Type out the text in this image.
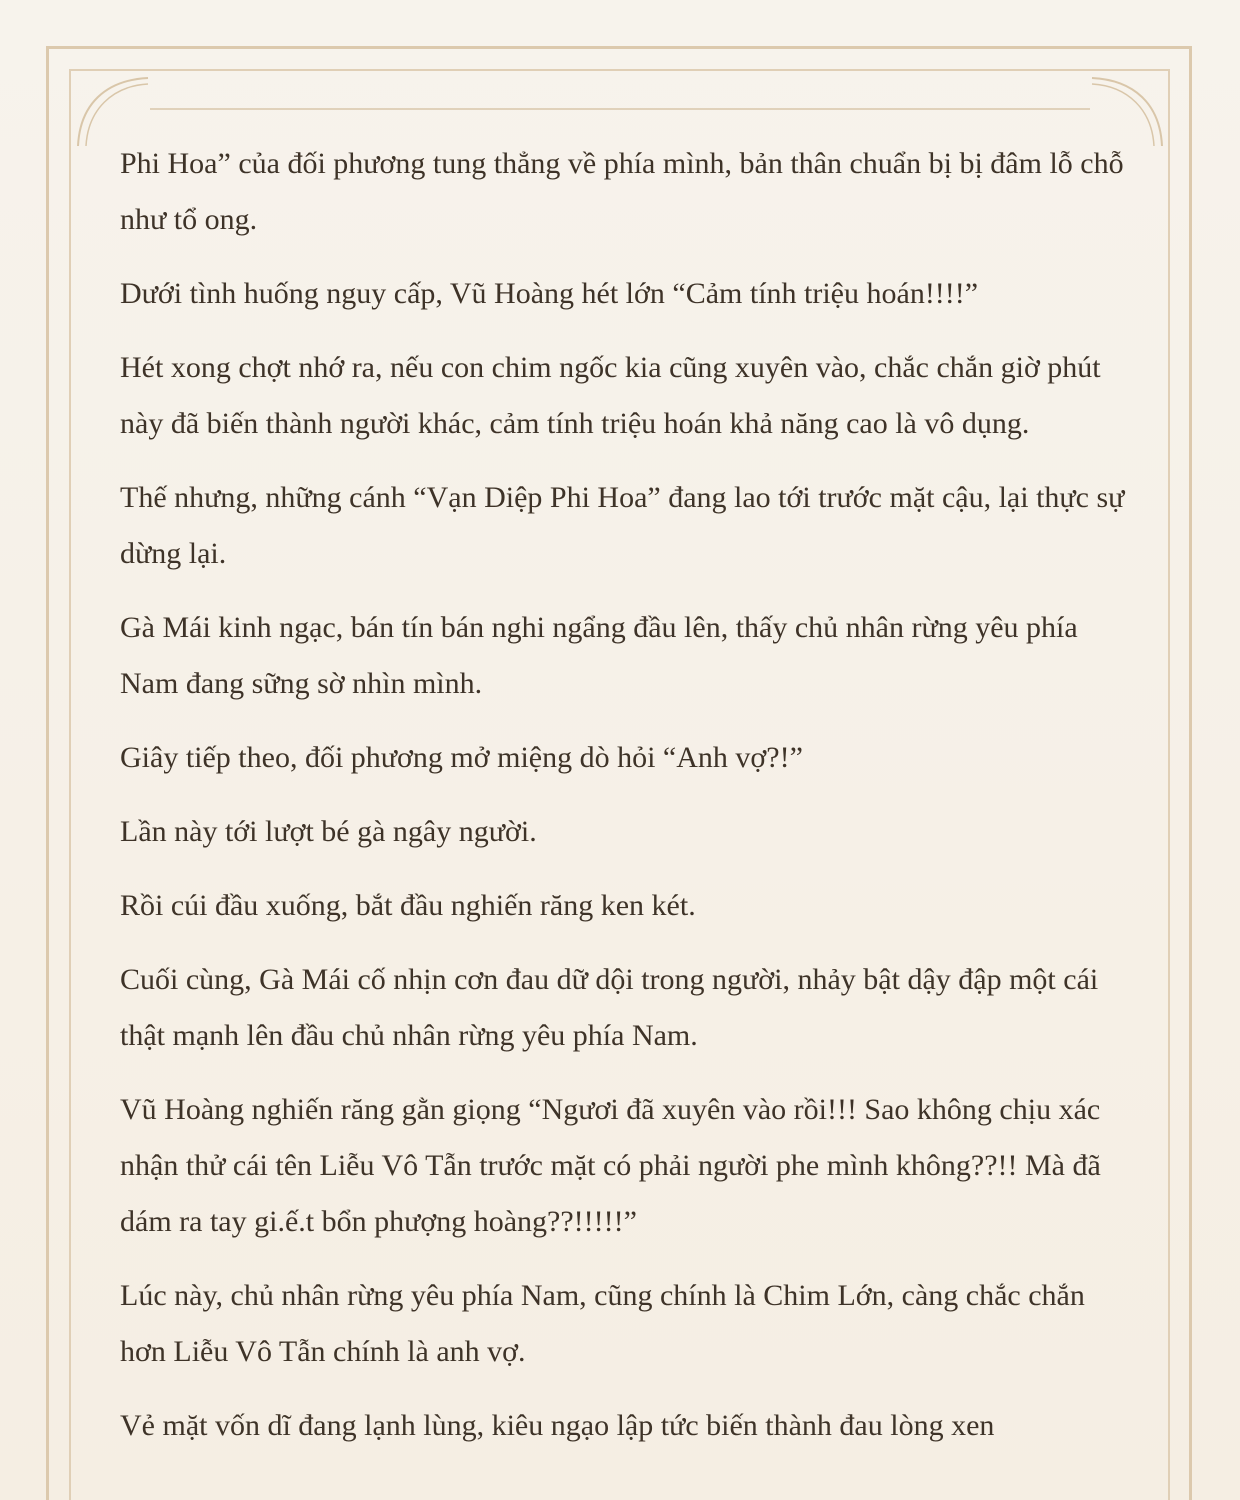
Phi Hoa” của đối phương tung thẳng về phía mình, bản thân chuẩn bị bị đâm lỗ chỗ như tổ ong.

Dưới tình huống nguy cấp, Vũ Hoàng hét lớn “Cảm tính triệu hoán!!!!”

Hét xong chợt nhớ ra, nếu con chim ngốc kia cũng xuyên vào, chắc chắn giờ phút này đã biến thành người khác, cảm tính triệu hoán khả năng cao là vô dụng.

Thế nhưng, những cánh “Vạn Diệp Phi Hoa” đang lao tới trước mặt cậu, lại thực sự dừng lại.

Gà Mái kinh ngạc, bán tín bán nghi ngẩng đầu lên, thấy chủ nhân rừng yêu phía Nam đang sững sờ nhìn mình.

Giây tiếp theo, đối phương mở miệng dò hỏi “Anh vợ?!”

Lần này tới lượt bé gà ngây người.

Rồi cúi đầu xuống, bắt đầu nghiến răng ken két.

Cuối cùng, Gà Mái cố nhịn cơn đau dữ dội trong người, nhảy bật dậy đập một cái thật mạnh lên đầu chủ nhân rừng yêu phía Nam.

Vũ Hoàng nghiến răng gằn giọng “Ngươi đã xuyên vào rồi!!! Sao không chịu xác nhận thử cái tên Liễu Vô Tẫn trước mặt có phải người phe mình không??!! Mà đã dám ra tay gi.ế.t bổn phượng hoàng??!!!!!”

Lúc này, chủ nhân rừng yêu phía Nam, cũng chính là Chim Lớn, càng chắc chắn hơn Liễu Vô Tẫn chính là anh vợ.

Vẻ mặt vốn dĩ đang lạnh lùng, kiêu ngạo lập tức biến thành đau lòng xen
